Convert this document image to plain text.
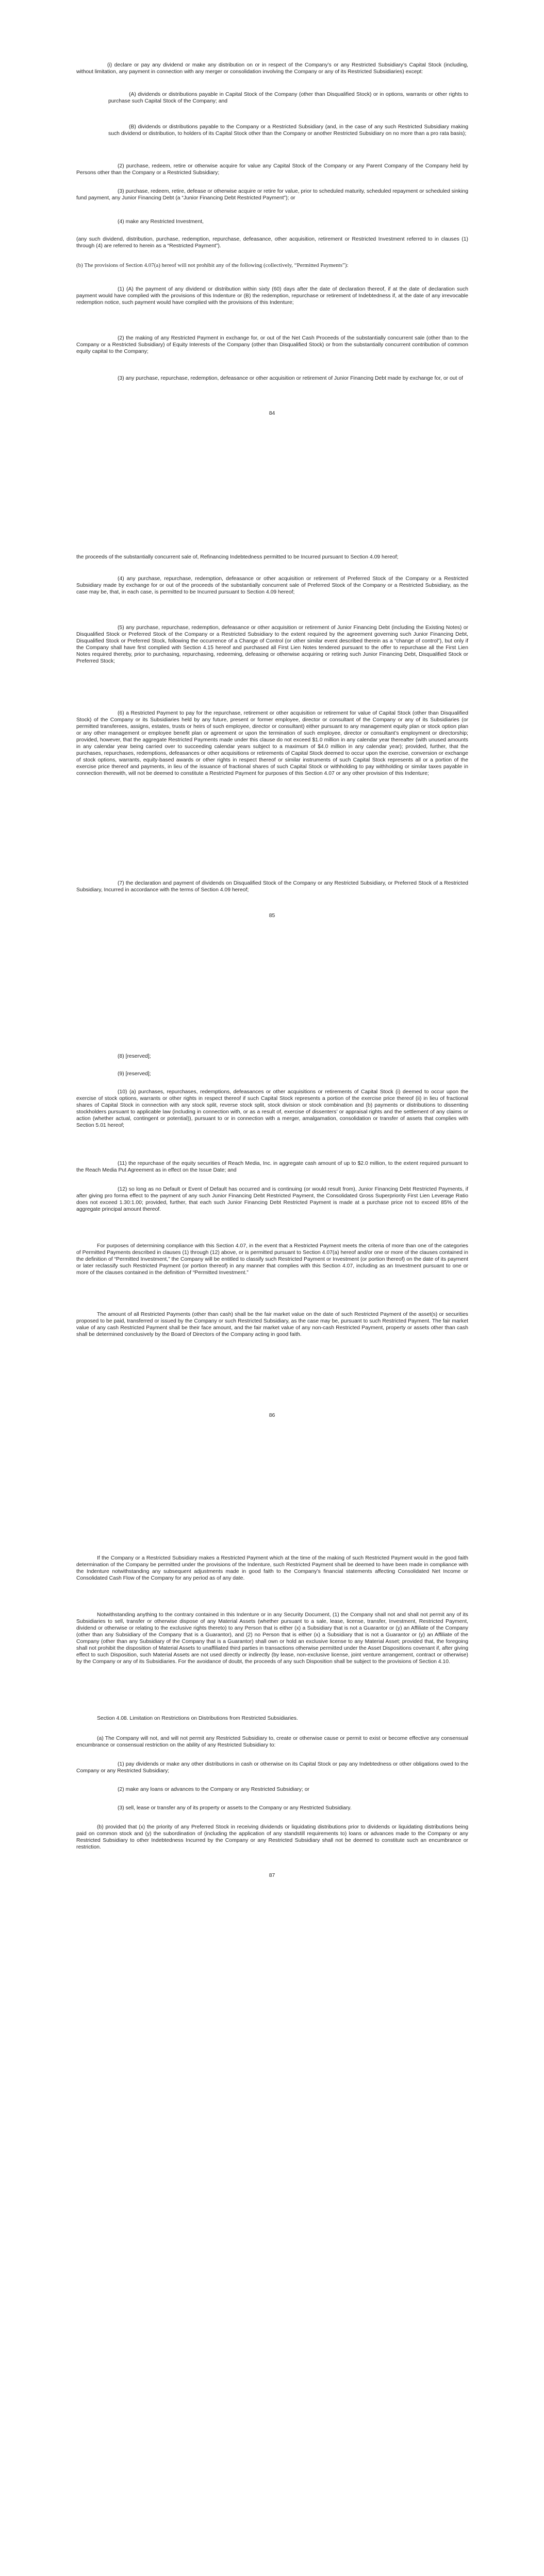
(i) declare or pay any dividend or make any distribution on or in respect of the Company’s or any Restricted Subsidiary’s Capital Stock (including, without limitation, any payment in connection with any merger or consolidation involving the Company or any of its Restricted Subsidiaries) except:

(A) dividends or distributions payable in Capital Stock of the Company (other than Disqualified Stock) or in options, warrants or other rights to purchase such Capital Stock of the Company; and

(B) dividends or distributions payable to the Company or a Restricted Subsidiary (and, in the case of any such Restricted Subsidiary making such dividend or distribution, to holders of its Capital Stock other than the Company or another Restricted Subsidiary on no more than a pro rata basis);

(2) purchase, redeem, retire or otherwise acquire for value any Capital Stock of the Company or any Parent Company of the Company held by Persons other than the Company or a Restricted Subsidiary;

(3) purchase, redeem, retire, defease or otherwise acquire or retire for value, prior to scheduled maturity, scheduled repayment or scheduled sinking fund payment, any Junior Financing Debt (a “Junior Financing Debt Restricted Payment”); or

(4) make any Restricted Investment,

(any such dividend, distribution, purchase, redemption, repurchase, defeasance, other acquisition, retirement or Restricted Investment referred to in clauses (1) through (4) are referred to herein as a “Restricted Payment”).

(b) The provisions of Section 4.07(a) hereof will not prohibit any of the following (collectively, “Permitted Payments”):

(1) (A) the payment of any dividend or distribution within sixty (60) days after the date of declaration thereof, if at the date of declaration such payment would have complied with the provisions of this Indenture or (B) the redemption, repurchase or retirement of Indebtedness if, at the date of any irrevocable redemption notice, such payment would have complied with the provisions of this Indenture;

(2) the making of any Restricted Payment in exchange for, or out of the Net Cash Proceeds of the substantially concurrent sale (other than to the Company or a Restricted Subsidiary) of Equity Interests of the Company (other than Disqualified Stock) or from the substantially concurrent contribution of common equity capital to the Company;

(3) any purchase, repurchase, redemption, defeasance or other acquisition or retirement of Junior Financing Debt made by exchange for, or out of

84

the proceeds of the substantially concurrent sale of, Refinancing Indebtedness permitted to be Incurred pursuant to Section 4.09 hereof;

(4) any purchase, repurchase, redemption, defeasance or other acquisition or retirement of Preferred Stock of the Company or a Restricted Subsidiary made by exchange for or out of the proceeds of the substantially concurrent sale of Preferred Stock of the Company or a Restricted Subsidiary, as the case may be, that, in each case, is permitted to be Incurred pursuant to Section 4.09 hereof;

(5) any purchase, repurchase, redemption, defeasance or other acquisition or retirement of Junior Financing Debt (including the Existing Notes) or Disqualified Stock or Preferred Stock of the Company or a Restricted Subsidiary to the extent required by the agreement governing such Junior Financing Debt, Disqualified Stock or Preferred Stock, following the occurrence of a Change of Control (or other similar event described therein as a “change of control”), but only if the Company shall have first complied with Section 4.15 hereof and purchased all First Lien Notes tendered pursuant to the offer to repurchase all the First Lien Notes required thereby, prior to purchasing, repurchasing, redeeming, defeasing or otherwise acquiring or retiring such Junior Financing Debt, Disqualified Stock or Preferred Stock;

(6) a Restricted Payment to pay for the repurchase, retirement or other acquisition or retirement for value of Capital Stock (other than Disqualified Stock) of the Company or its Subsidiaries held by any future, present or former employee, director or consultant of the Company or any of its Subsidiaries (or permitted transferees, assigns, estates, trusts or heirs of such employee, director or consultant) either pursuant to any management equity plan or stock option plan or any other management or employee benefit plan or agreement or upon the termination of such employee, director or consultant’s employment or directorship; provided, however, that the aggregate Restricted Payments made under this clause do not exceed $1.0 million in any calendar year thereafter (with unused amounts in any calendar year being carried over to succeeding calendar years subject to a maximum of $4.0 million in any calendar year); provided, further, that the purchases, repurchases, redemptions, defeasances or other acquisitions or retirements of Capital Stock deemed to occur upon the exercise, conversion or exchange of stock options, warrants, equity-based awards or other rights in respect thereof or similar instruments of such Capital Stock represents all or a portion of the exercise price thereof and payments, in lieu of the issuance of fractional shares of such Capital Stock or withholding to pay withholding or similar taxes payable in connection therewith, will not be deemed to constitute a Restricted Payment for purposes of this Section 4.07 or any other provision of this Indenture;

(7) the declaration and payment of dividends on Disqualified Stock of the Company or any Restricted Subsidiary, or Preferred Stock of a Restricted Subsidiary, Incurred in accordance with the terms of Section 4.09 hereof;

85

(8) [reserved];

(9) [reserved];

(10) (a) purchases, repurchases, redemptions, defeasances or other acquisitions or retirements of Capital Stock (i) deemed to occur upon the exercise of stock options, warrants or other rights in respect thereof if such Capital Stock represents a portion of the exercise price thereof (ii) in lieu of fractional shares of Capital Stock in connection with any stock split, reverse stock split, stock division or stock combination and (b) payments or distributions to dissenting stockholders pursuant to applicable law (including in connection with, or as a result of, exercise of dissenters’ or appraisal rights and the settlement of any claims or action (whether actual, contingent or potential)), pursuant to or in connection with a merger, amalgamation, consolidation or transfer of assets that complies with Section 5.01 hereof;

(11) the repurchase of the equity securities of Reach Media, Inc. in aggregate cash amount of up to $2.0 million, to the extent required pursuant to the Reach Media Put Agreement as in effect on the Issue Date; and

(12) so long as no Default or Event of Default has occurred and is continuing (or would result from), Junior Financing Debt Restricted Payments, if after giving pro forma effect to the payment of any such Junior Financing Debt Restricted Payment, the Consolidated Gross Superpriority First Lien Leverage Ratio does not exceed 1.30:1.00; provided, further, that each such Junior Financing Debt Restricted Payment is made at a purchase price not to exceed 85% of the aggregate principal amount thereof.

For purposes of determining compliance with this Section 4.07, in the event that a Restricted Payment meets the criteria of more than one of the categories of Permitted Payments described in clauses (1) through (12) above, or is permitted pursuant to Section 4.07(a) hereof and/or one or more of the clauses contained in the definition of “Permitted Investment,” the Company will be entitled to classify such Restricted Payment or Investment (or portion thereof) on the date of its payment or later reclassify such Restricted Payment (or portion thereof) in any manner that complies with this Section 4.07, including as an Investment pursuant to one or more of the clauses contained in the definition of “Permitted Investment.”

The amount of all Restricted Payments (other than cash) shall be the fair market value on the date of such Restricted Payment of the asset(s) or securities proposed to be paid, transferred or issued by the Company or such Restricted Subsidiary, as the case may be, pursuant to such Restricted Payment. The fair market value of any cash Restricted Payment shall be their face amount, and the fair market value of any non-cash Restricted Payment, property or assets other than cash shall be determined conclusively by the Board of Directors of the Company acting in good faith.

86

If the Company or a Restricted Subsidiary makes a Restricted Payment which at the time of the making of such Restricted Payment would in the good faith determination of the Company be permitted under the provisions of the Indenture, such Restricted Payment shall be deemed to have been made in compliance with the Indenture notwithstanding any subsequent adjustments made in good faith to the Company’s financial statements affecting Consolidated Net Income or Consolidated Cash Flow of the Company for any period as of any date.

Notwithstanding anything to the contrary contained in this Indenture or in any Security Document, (1) the Company shall not and shall not permit any of its Subsidiaries to sell, transfer or otherwise dispose of any Material Assets (whether pursuant to a sale, lease, license, transfer, Investment, Restricted Payment, dividend or otherwise or relating to the exclusive rights thereto) to any Person that is either (x) a Subsidiary that is not a Guarantor or (y) an Affiliate of the Company (other than any Subsidiary of the Company that is a Guarantor), and (2) no Person that is either (x) a Subsidiary that is not a Guarantor or (y) an Affiliate of the Company (other than any Subsidiary of the Company that is a Guarantor) shall own or hold an exclusive license to any Material Asset; provided that, the foregoing shall not prohibit the disposition of Material Assets to unaffiliated third parties in transactions otherwise permitted under the Asset Dispositions covenant if, after giving effect to such Disposition, such Material Assets are not used directly or indirectly (by lease, non-exclusive license, joint venture arrangement, contract or otherwise) by the Company or any of its Subsidiaries. For the avoidance of doubt, the proceeds of any such Disposition shall be subject to the provisions of Section 4.10.

Section 4.08. Limitation on Restrictions on Distributions from Restricted Subsidiaries.

(a) The Company will not, and will not permit any Restricted Subsidiary to, create or otherwise cause or permit to exist or become effective any consensual encumbrance or consensual restriction on the ability of any Restricted Subsidiary to:

(1) pay dividends or make any other distributions in cash or otherwise on its Capital Stock or pay any Indebtedness or other obligations owed to the Company or any Restricted Subsidiary;

(2) make any loans or advances to the Company or any Restricted Subsidiary; or

(3) sell, lease or transfer any of its property or assets to the Company or any Restricted Subsidiary.

(b) provided that (x) the priority of any Preferred Stock in receiving dividends or liquidating distributions prior to dividends or liquidating distributions being paid on common stock and (y) the subordination of (including the application of any standstill requirements to) loans or advances made to the Company or any Restricted Subsidiary to other Indebtedness Incurred by the Company or any Restricted Subsidiary shall not be deemed to constitute such an encumbrance or restriction.

87
